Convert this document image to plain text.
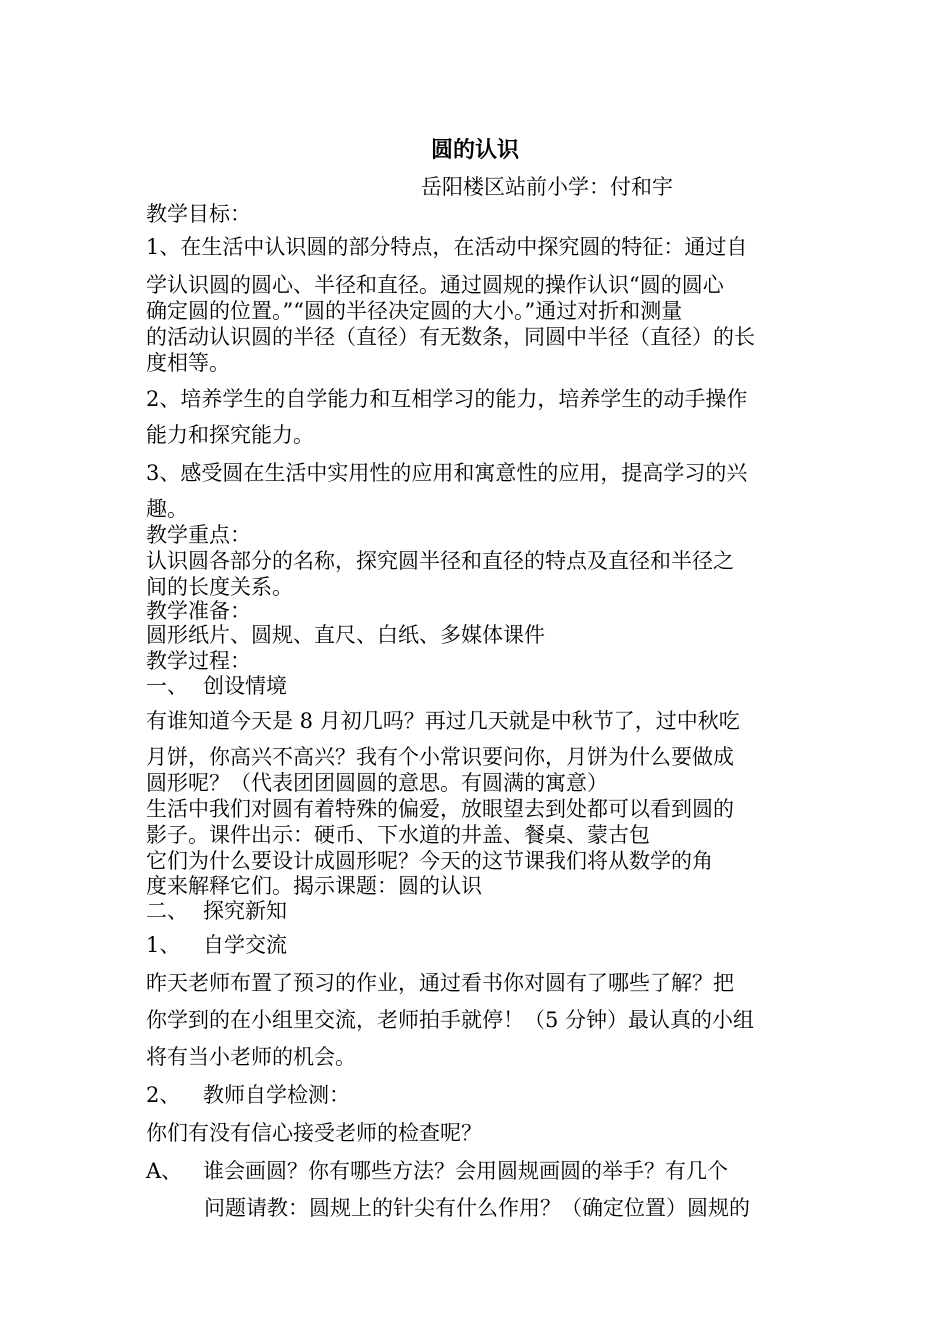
圆的认识
岳阳楼区站前小学：付和宇
教学目标：
1、在生活中认识圆的部分特点，在活动中探究圆的特征：通过自
学认识圆的圆心、半径和直径。通过圆规的操作认识“圆的圆心
确定圆的位置。”“圆的半径决定圆的大小。”通过对折和测量
的活动认识圆的半径（直径）有无数条，同圆中半径（直径）的长
度相等。
2、培养学生的自学能力和互相学习的能力，培养学生的动手操作
能力和探究能力。
3、感受圆在生活中实用性的应用和寓意性的应用，提高学习的兴
趣。
教学重点：
认识圆各部分的名称，探究圆半径和直径的特点及直径和半径之
间的长度关系。
教学准备：
圆形纸片、圆规、直尺、白纸、多媒体课件
教学过程：
一、 创设情境
有谁知道今天是 8 月初几吗？再过几天就是中秋节了，过中秋吃
月饼，你高兴不高兴？我有个小常识要问你，月饼为什么要做成
圆形呢？（代表团团圆圆的意思。有圆满的寓意）
生活中我们对圆有着特殊的偏爱，放眼望去到处都可以看到圆的
影子。课件出示：硬币、下水道的井盖、餐桌、蒙古包
它们为什么要设计成圆形呢？今天的这节课我们将从数学的角
度来解释它们。揭示课题：圆的认识
二、 探究新知
1、 自学交流
昨天老师布置了预习的作业，通过看书你对圆有了哪些了解？把
你学到的在小组里交流，老师拍手就停！（5 分钟）最认真的小组
将有当小老师的机会。
2、 教师自学检测：
你们有没有信心接受老师的检查呢？
A、 谁会画圆？你有哪些方法？会用圆规画圆的举手？有几个
问题请教：圆规上的针尖有什么作用？（确定位置）圆规的
